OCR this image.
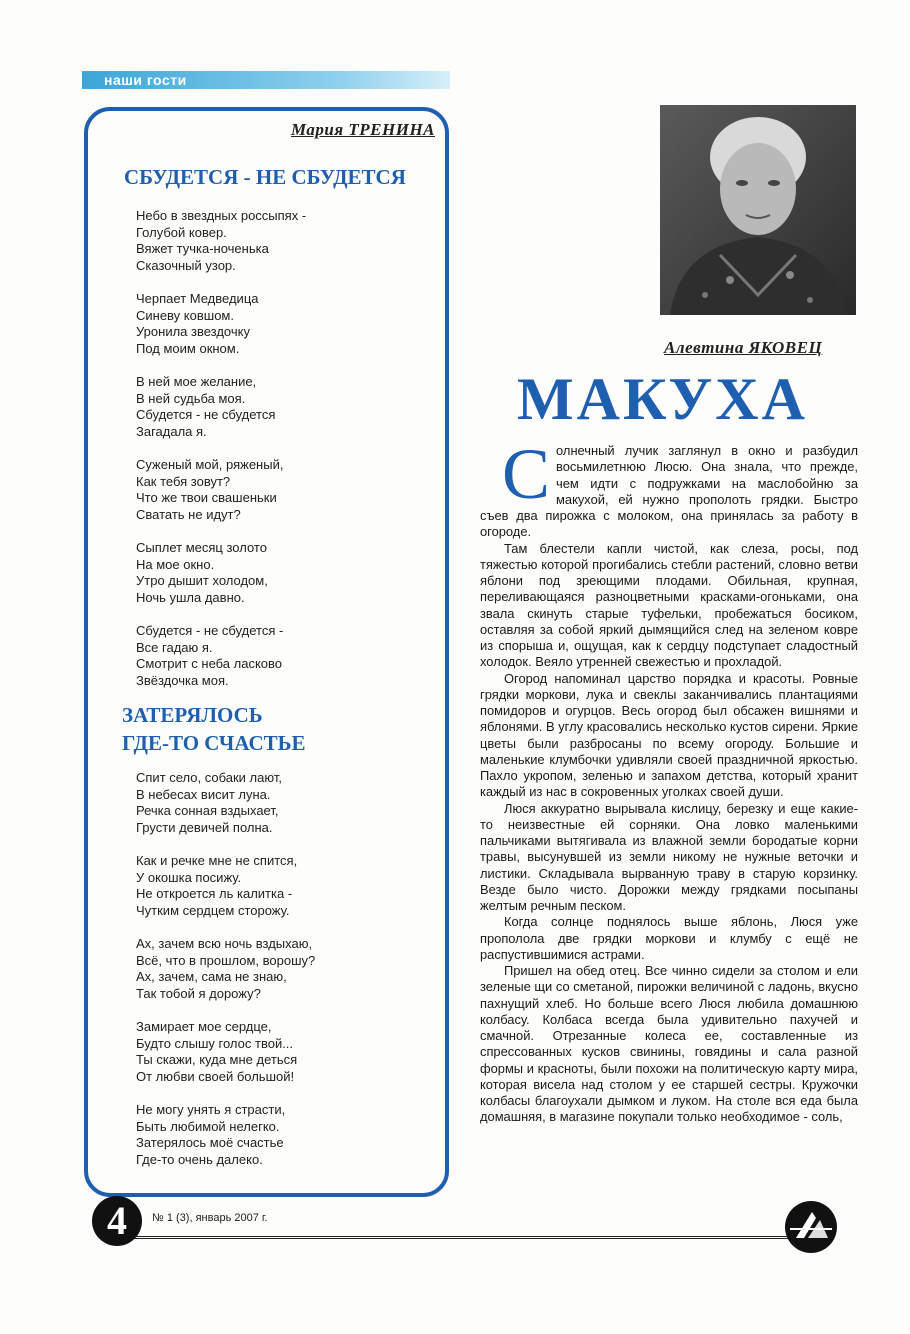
наши гости
Мария ТРЕНИНА
СБУДЕТСЯ - НЕ СБУДЕТСЯ
Небо в звездных россыпях -
Голубой ковер.
Вяжет тучка-ноченька
Сказочный узор.
Черпает Медведица
Синеву ковшом.
Уронила звездочку
Под моим окном.
В ней мое желание,
В ней судьба моя.
Сбудется - не сбудется
Загадала я.
Суженый мой, ряженый,
Как тебя зовут?
Что же твои свашеньки
Сватать не идут?
Сыплет месяц золото
На мое окно.
Утро дышит холодом,
Ночь ушла давно.
Сбудется - не сбудется -
Все гадаю я.
Смотрит с неба ласково
Звёздочка моя.
ЗАТЕРЯЛОСЬ
ГДЕ-ТО СЧАСТЬЕ
Спит село, собаки лают,
В небесах висит луна.
Речка сонная вздыхает,
Грусти девичей полна.
Как и речке мне не спится,
У окошка посижу.
Не откроется ль калитка -
Чутким сердцем сторожу.
Ах, зачем всю ночь вздыхаю,
Всё, что в прошлом, ворошу?
Ах, зачем, сама не знаю,
Так тобой я дорожу?
Замирает мое сердце,
Будто слышу голос твой...
Ты скажи, куда мне деться
От любви своей большой!
Не могу унять я страсти,
Быть любимой нелегко.
Затерялось моё счастье
Где-то очень далеко.
Алевтина ЯКОВЕЦ
МАКУХА

Солнечный лучик заглянул в окно и разбудил восьмилетнюю Люсю. Она знала, что прежде, чем идти с подружками на маслобойню за макухой, ей нужно прополоть грядки. Быстро съев два пирожка с молоком, она принялась за работу в огороде.

Там блестели капли чистой, как слеза, росы, под тяжестью которой прогибались стебли растений, словно ветви яблони под зреющими плодами. Обильная, крупная, переливающаяся разноцветными красками-огоньками, она звала скинуть старые туфельки, пробежаться босиком, оставляя за собой яркий дымящийся след на зеленом ковре из спорыша и, ощущая, как к сердцу подступает сладостный холодок. Веяло утренней свежестью и прохладой.

Огород напоминал царство порядка и красоты. Ровные грядки моркови, лука и свеклы заканчивались плантациями помидоров и огурцов. Весь огород был обсажен вишнями и яблонями. В углу красовались несколько кустов сирени. Яркие цветы были разбросаны по всему огороду. Большие и маленькие клумбочки удивляли своей праздничной яркостью. Пахло укропом, зеленью и запахом детства, который хранит каждый из нас в сокровенных уголках своей души.

Люся аккуратно вырывала кислицу, березку и еще какие-то неизвестные ей сорняки. Она ловко маленькими пальчиками вытягивала из влажной земли бородатые корни травы, высунувшей из земли никому не нужные веточки и листики. Складывала вырванную траву в старую корзинку. Везде было чисто. Дорожки между грядками посыпаны желтым речным песком.

Когда солнце поднялось выше яблонь, Люся уже прополола две грядки моркови и клумбу с ещё не распустившимися астрами.

Пришел на обед отец. Все чинно сидели за столом и ели зеленые щи со сметаной, пирожки величиной с ладонь, вкусно пахнущий хлеб. Но больше всего Люся любила домашнюю колбасу. Колбаса всегда была удивительно пахучей и смачной. Отрезанные колеса ее, составленные из спрессованных кусков свинины, говядины и сала разной формы и красноты, были похожи на политическую карту мира, которая висела над столом у ее старшей сестры. Кружочки колбасы благоухали дымком и луком. На столе вся еда была домашняя, в магазине покупали только необходимое - соль,

4	№ 1 (3), январь 2007 г.
